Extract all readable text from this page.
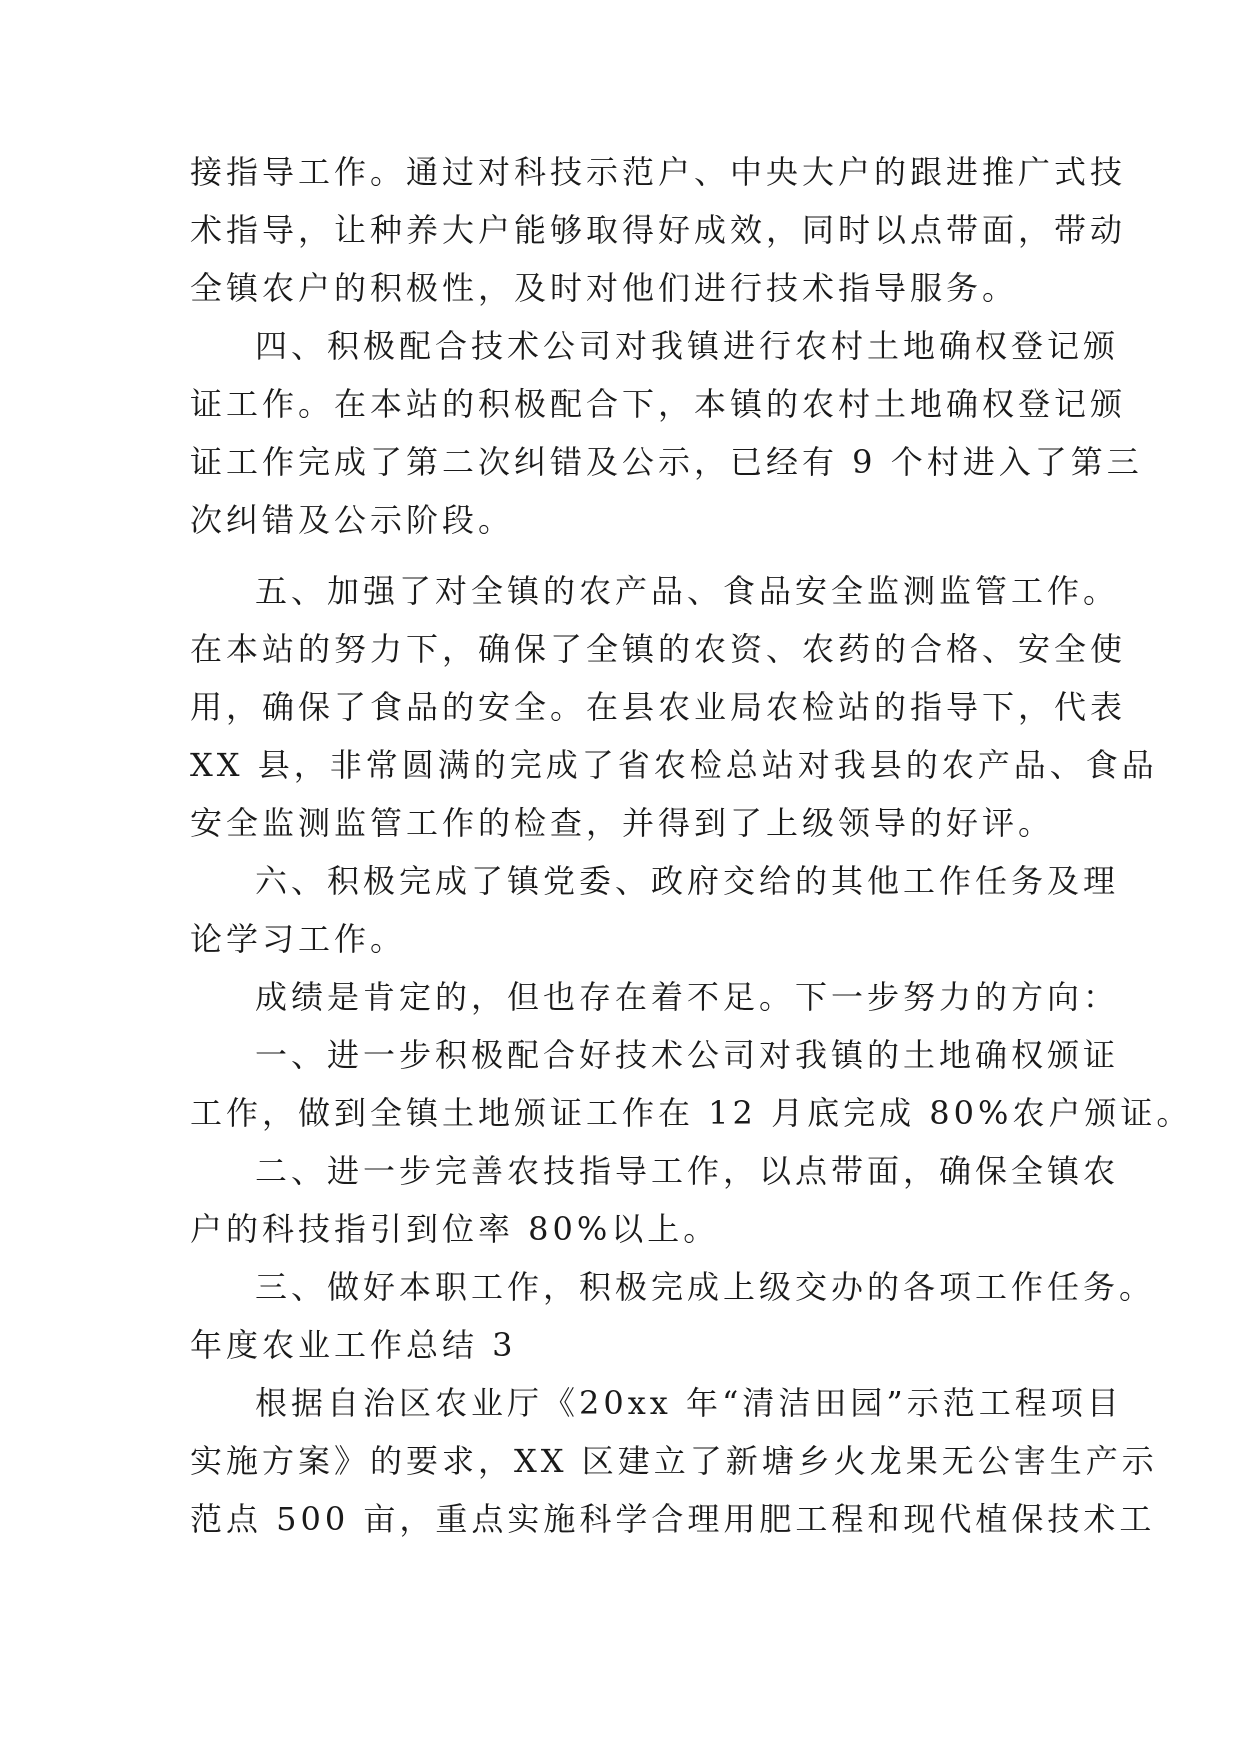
接指导工作。通过对科技示范户、中央大户的跟进推广式技
术指导，让种养大户能够取得好成效，同时以点带面，带动
全镇农户的积极性，及时对他们进行技术指导服务。
四、积极配合技术公司对我镇进行农村土地确权登记颁
证工作。在本站的积极配合下，本镇的农村土地确权登记颁
证工作完成了第二次纠错及公示，已经有 9 个村进入了第三
次纠错及公示阶段。
五、加强了对全镇的农产品、食品安全监测监管工作。
在本站的努力下，确保了全镇的农资、农药的合格、安全使
用，确保了食品的安全。在县农业局农检站的指导下，代表
XX 县，非常圆满的完成了省农检总站对我县的农产品、食品
安全监测监管工作的检查，并得到了上级领导的好评。
六、积极完成了镇党委、政府交给的其他工作任务及理
论学习工作。
成绩是肯定的，但也存在着不足。下一步努力的方向：
一、进一步积极配合好技术公司对我镇的土地确权颁证
工作，做到全镇土地颁证工作在 12 月底完成 80%农户颁证。
二、进一步完善农技指导工作，以点带面，确保全镇农
户的科技指引到位率 80%以上。
三、做好本职工作，积极完成上级交办的各项工作任务。
年度农业工作总结 3
根据自治区农业厅《20xx 年“清洁田园”示范工程项目
实施方案》的要求，XX 区建立了新塘乡火龙果无公害生产示
范点 500 亩，重点实施科学合理用肥工程和现代植保技术工
